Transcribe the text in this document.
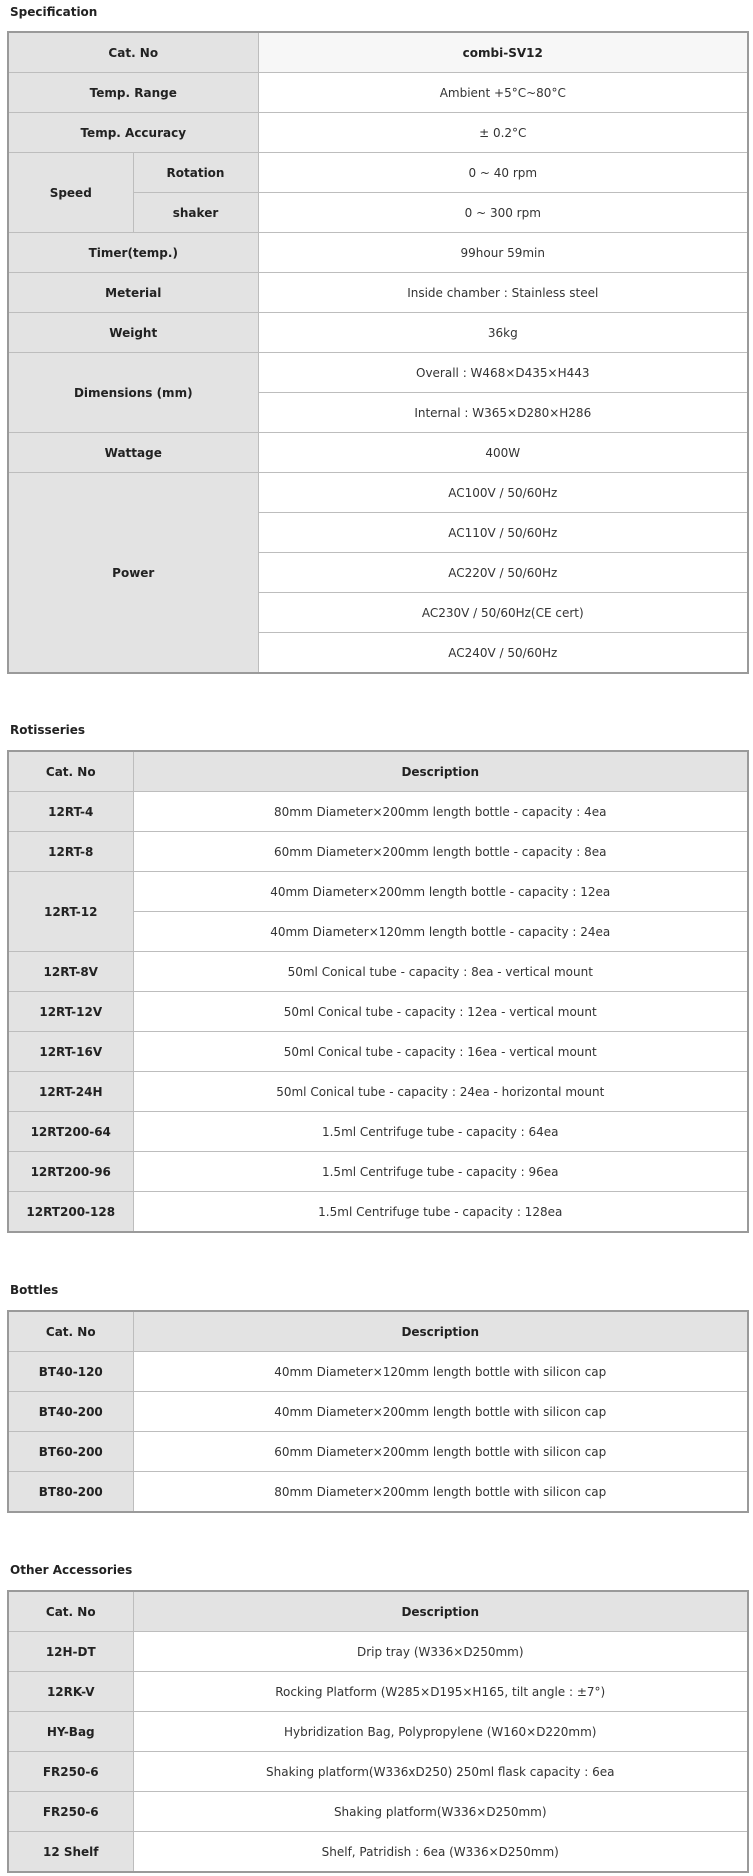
Specification
Cat. No		combi-SV12
Temp. Range		Ambient +5°C~80°C
Temp. Accuracy		± 0.2°C
Speed	Rotation	0 ~ 40 rpm
	shaker	0 ~ 300 rpm
Timer(temp.)		99hour 59min
Meterial		Inside chamber : Stainless steel
Weight		36kg
Dimensions (mm)		Overall : W468×D435×H443
		Internal : W365×D280×H286
Wattage		400W
Power		AC100V / 50/60Hz
		AC110V / 50/60Hz
		AC220V / 50/60Hz
		AC230V / 50/60Hz(CE cert)
		AC240V / 50/60Hz
Rotisseries
Cat. No	Description
12RT-4	80mm Diameter×200mm length bottle - capacity : 4ea
12RT-8	60mm Diameter×200mm length bottle - capacity : 8ea
12RT-12	40mm Diameter×200mm length bottle - capacity : 12ea
	40mm Diameter×120mm length bottle - capacity : 24ea
12RT-8V	50ml Conical tube - capacity : 8ea - vertical mount
12RT-12V	50ml Conical tube - capacity : 12ea - vertical mount
12RT-16V	50ml Conical tube - capacity : 16ea - vertical mount
12RT-24H	50ml Conical tube - capacity : 24ea - horizontal mount
12RT200-64	1.5ml Centrifuge tube - capacity : 64ea
12RT200-96	1.5ml Centrifuge tube - capacity : 96ea
12RT200-128	1.5ml Centrifuge tube - capacity : 128ea
Bottles
Cat. No	Description
BT40-120	40mm Diameter×120mm length bottle with silicon cap
BT40-200	40mm Diameter×200mm length bottle with silicon cap
BT60-200	60mm Diameter×200mm length bottle with silicon cap
BT80-200	80mm Diameter×200mm length bottle with silicon cap
Other Accessories
Cat. No	Description
12H-DT	Drip tray (W336×D250mm)
12RK-V	Rocking Platform (W285×D195×H165, tilt angle : ±7°)
HY-Bag	Hybridization Bag, Polypropylene (W160×D220mm)
FR250-6	Shaking platform(W336xD250) 250ml flask capacity : 6ea
FR250-6	Shaking platform(W336×D250mm)
12 Shelf	Shelf, Patridish : 6ea (W336×D250mm)
